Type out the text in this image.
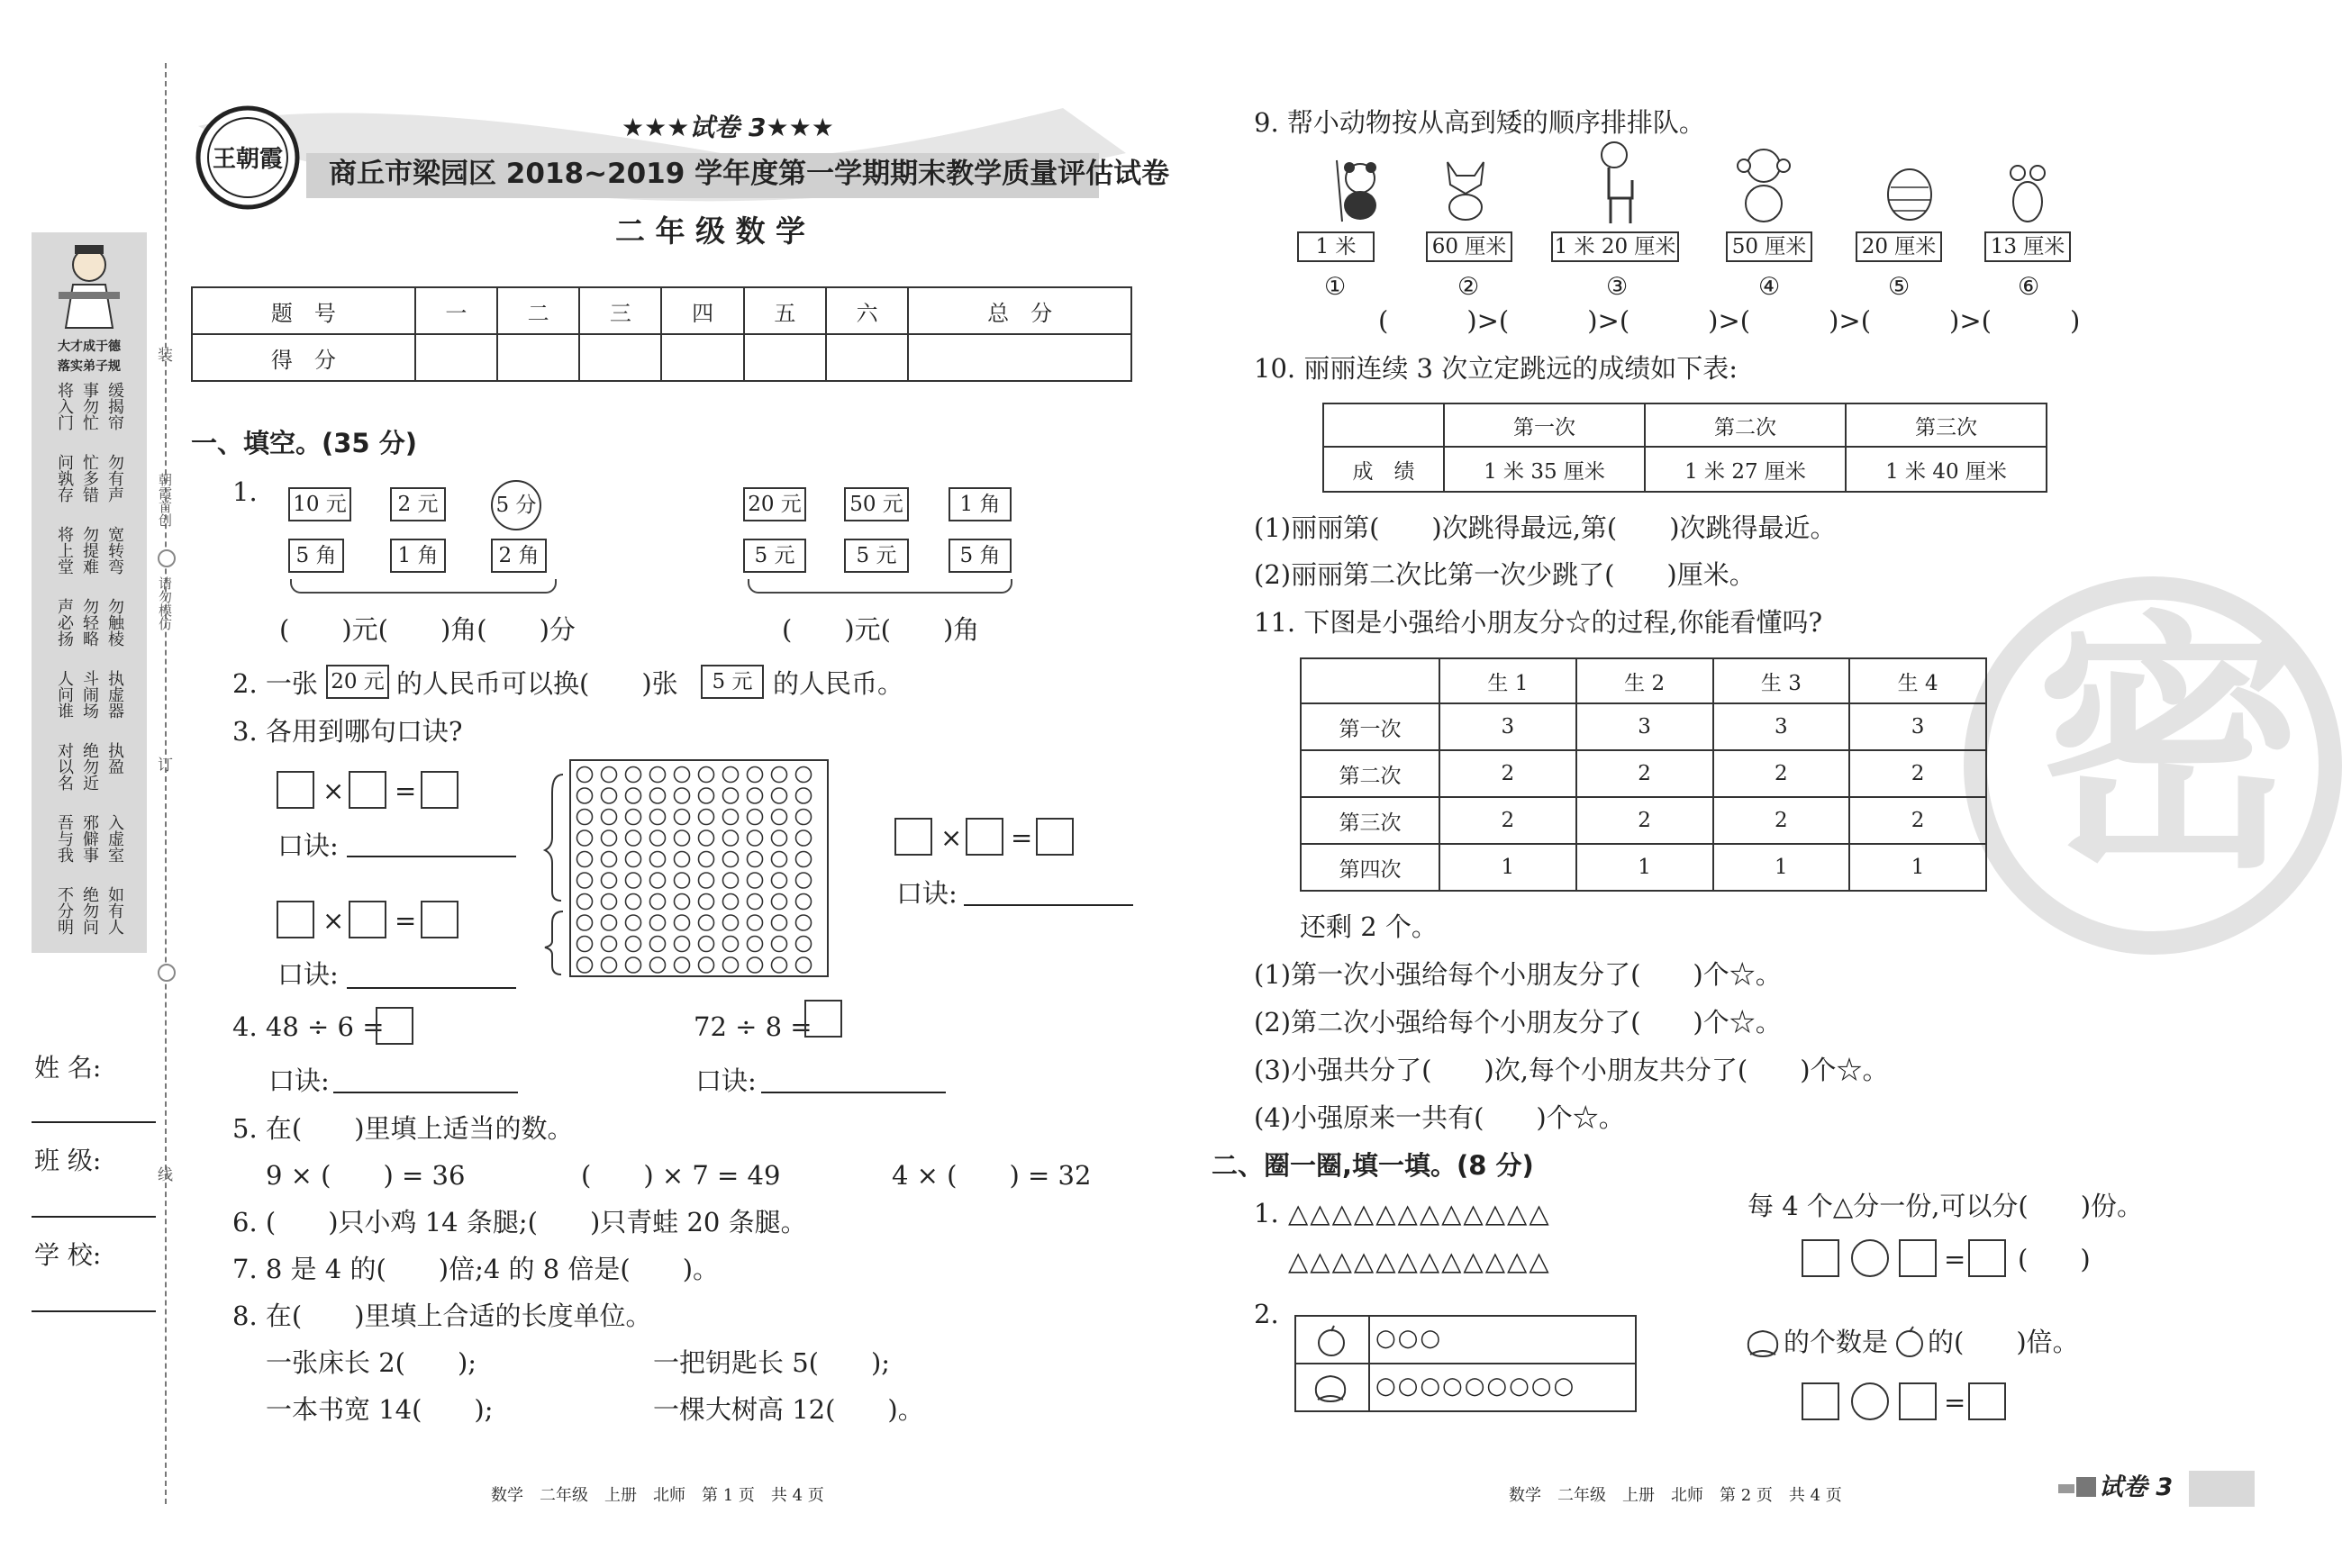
装
朝霞首创
请勿模仿
订
线
大才成于德
落实弟子规
将入门 事勿忙 缓揭帘
问孰存 忙多错 勿有声
将上堂 勿提难 宽转弯
声必扬 勿轻略 勿触棱
人问谁 斗闹场 执虚器
对以名 绝勿近 执盈
吾与我 邪僻事 入虚室
不分明 绝勿问 如有人
姓 名:
班 级:
学 校:
王朝霞
★★★试卷 3★★★
商丘市梁园区 2018~2019 学年度第一学期期末教学质量评估试卷
二 年 级 数 学
题　号	一	二	三	四	五	六	总　分
得　分							
一、填空。(35 分)
1. 10 元	2 元	5 分
5 角	1 角	2 角
(　　)元(　　)角(　　)分
20 元 50 元	1 角
5 元	5 元	5 角
(　　)元(　　)角
2. 一张 20 元 的人民币可以换(　　)张	5 元 的人民币。
3. 各用到哪句口诀?
× =
口诀:
× =
口诀:
× =
口诀:
4. 48 ÷ 6 =	72 ÷ 8 =
口诀:	口诀:
5. 在(　　)里填上适当的数。
9 × (　　) = 36	(　　) × 7 = 49	4 × (　　) = 32
6. (　　)只小鸡 14 条腿;(　　)只青蛙 20 条腿。
7. 8 是 4 的(　　)倍;4 的 8 倍是(　　)。
8. 在(　　)里填上合适的长度单位。
一张床长 2(　　);	一把钥匙长 5(　　);
一本书宽 14(　　);	一棵大树高 12(　　)。
密
9. 帮小动物按从高到矮的顺序排排队。
1 米	60 厘米 1 米 20 厘米	50 厘米	20 厘米	13 厘米
①	②	③	④	⑤	⑥
(　　　)>(　　　)>(　　　)>(　　　)>(　　　)>(　　　)
10. 丽丽连续 3 次立定跳远的成绩如下表:
	第一次	第二次	第三次
成　绩	1 米 35 厘米	1 米 27 厘米	1 米 40 厘米
(1)丽丽第(　　)次跳得最远,第(　　)次跳得最近。
(2)丽丽第二次比第一次少跳了(　　)厘米。
11. 下图是小强给小朋友分☆的过程,你能看懂吗?
	生 1	生 2	生 3	生 4
第一次	3	3	3	3
第二次	2	2	2	2
第三次	2	2	2	2
第四次	1	1	1	1
还剩 2 个。
(1)第一次小强给每个小朋友分了(　　)个☆。
(2)第二次小强给每个小朋友分了(　　)个☆。
(3)小强共分了(　　)次,每个小朋友共分了(　　)个☆。
(4)小强原来一共有(　　)个☆。
二、圈一圈,填一填。(8 分)
1. △△△△△△△△△△△△
△△△△△△△△△△△△
每 4 个△分一份,可以分(　　)份。
= (　　)
2.
○○○
○○○○○○○○○
的个数是 的(　　)倍。
=
数学　二年级　上册　北师　第 1 页　共 4 页	数学　二年级　上册　北师　第 2 页　共 4 页	试卷 3
